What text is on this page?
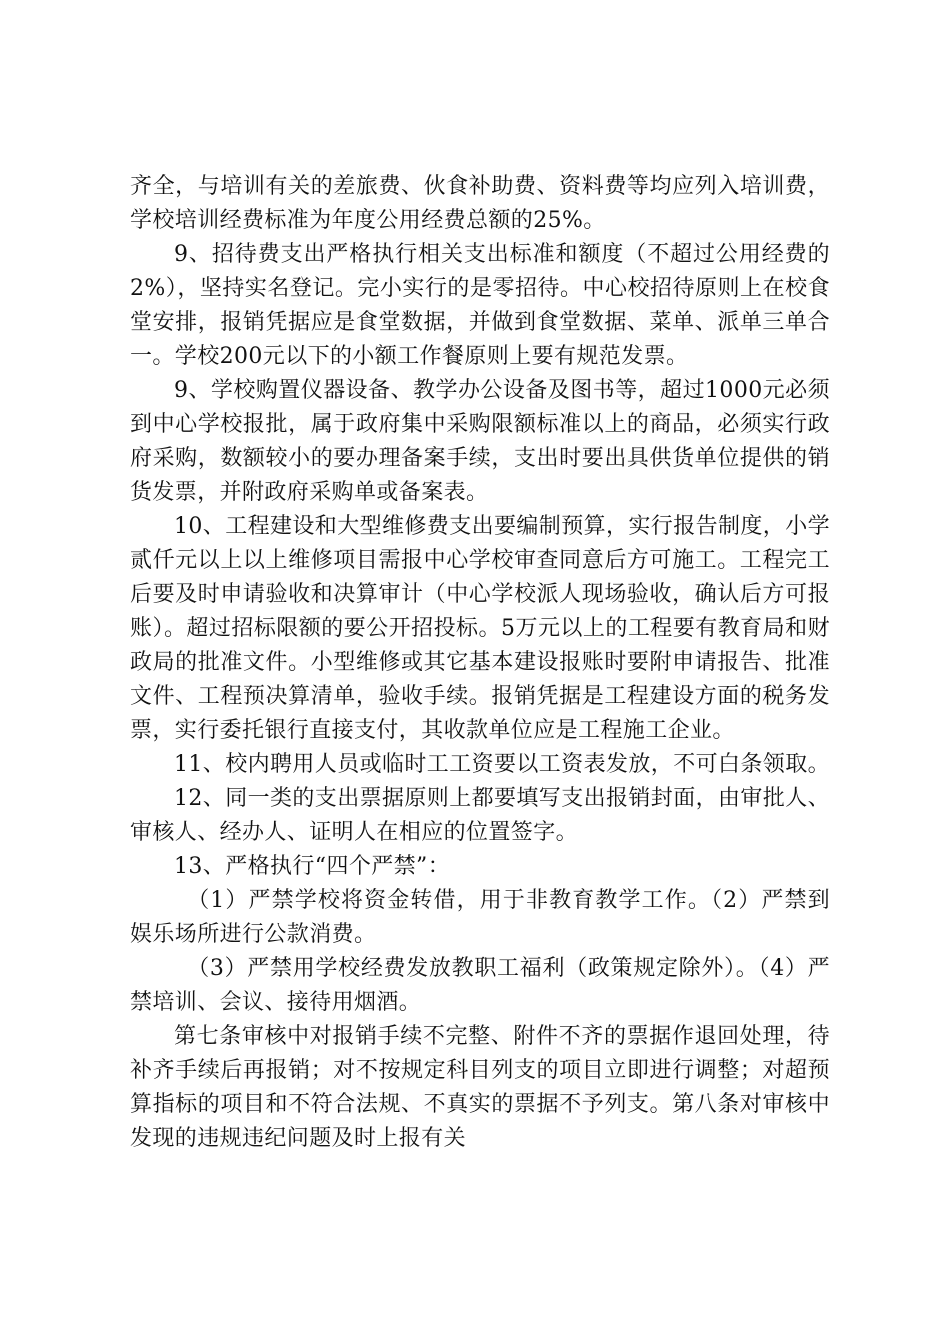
齐全，与培训有关的差旅费、伙食补助费、资料费等均应列入培训费，学校培训经费标准为年度公用经费总额的25%。

9、招待费支出严格执行相关支出标准和额度（不超过公用经费的2%），坚持实名登记。完小实行的是零招待。中心校招待原则上在校食堂安排，报销凭据应是食堂数据，并做到食堂数据、菜单、派单三单合一。学校200元以下的小额工作餐原则上要有规范发票。

9、学校购置仪器设备、教学办公设备及图书等，超过1000元必须到中心学校报批，属于政府集中采购限额标准以上的商品，必须实行政府采购，数额较小的要办理备案手续，支出时要出具供货单位提供的销货发票，并附政府采购单或备案表。

10、工程建设和大型维修费支出要编制预算，实行报告制度，小学贰仟元以上以上维修项目需报中心学校审查同意后方可施工。工程完工后要及时申请验收和决算审计（中心学校派人现场验收，确认后方可报账）。超过招标限额的要公开招投标。5万元以上的工程要有教育局和财政局的批准文件。小型维修或其它基本建设报账时要附申请报告、批准文件、工程预决算清单，验收手续。报销凭据是工程建设方面的税务发票，实行委托银行直接支付，其收款单位应是工程施工企业。

11、校内聘用人员或临时工工资要以工资表发放，不可白条领取。

12、同一类的支出票据原则上都要填写支出报销封面，由审批人、审核人、经办人、证明人在相应的位置签字。

13、严格执行“四个严禁”：

（1）严禁学校将资金转借，用于非教育教学工作。（2）严禁到娱乐场所进行公款消费。

（3）严禁用学校经费发放教职工福利（政策规定除外）。（4）严禁培训、会议、接待用烟酒。

第七条审核中对报销手续不完整、附件不齐的票据作退回处理，待补齐手续后再报销；对不按规定科目列支的项目立即进行调整；对超预算指标的项目和不符合法规、不真实的票据不予列支。第八条对审核中发现的违规违纪问题及时上报有关
